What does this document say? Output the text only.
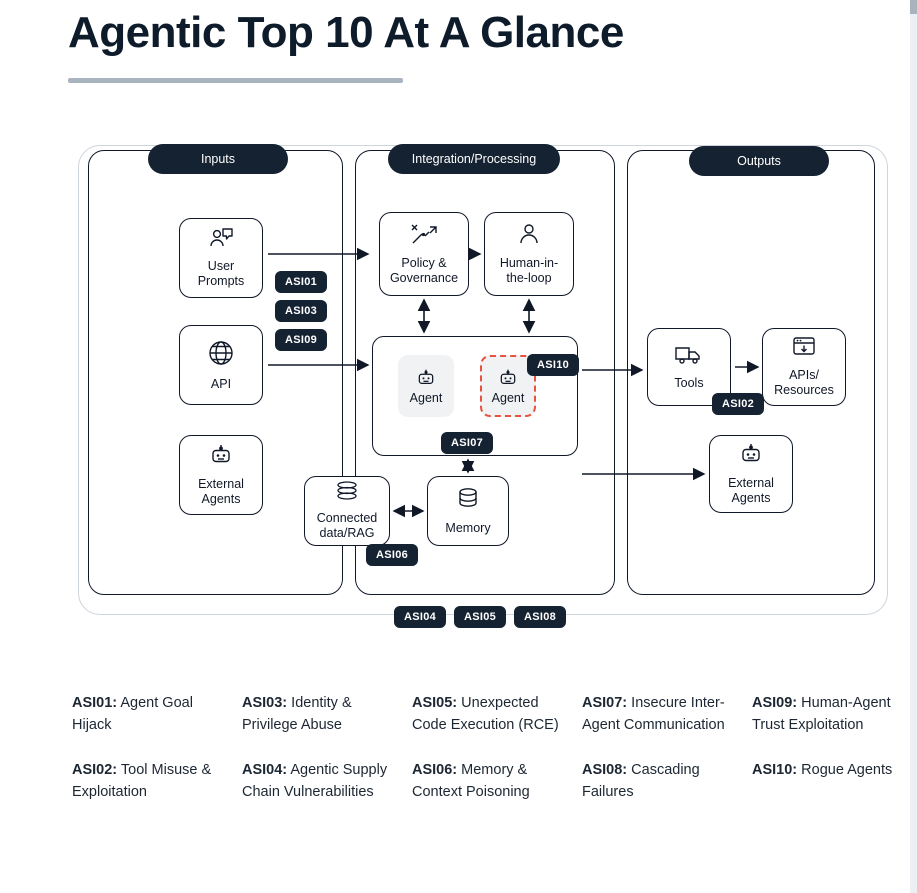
Agentic Top 10 At A Glance
Inputs	Integration/Processing	Outputs
User
Prompts
API
External
Agents
Policy &
Governance
Human-in-
the-loop
Agent	Agent
Connected
data/RAG	Memory
Tools
APIs/
Resources
External
Agents
ASI01
ASI03
ASI09
ASI10
ASI07
ASI06
ASI02
ASI04	ASI05	ASI08
ASI01: Agent Goal Hijack
ASI03: Identity & Privilege Abuse
ASI05: Unexpected Code Execution (RCE)
ASI07: Insecure Inter-Agent Communication
ASI09: Human-Agent Trust Exploitation
ASI02: Tool Misuse & Exploitation
ASI04: Agentic Supply Chain Vulnerabilities
ASI06: Memory & Context Poisoning
ASI08: Cascading Failures
ASI10: Rogue Agents
